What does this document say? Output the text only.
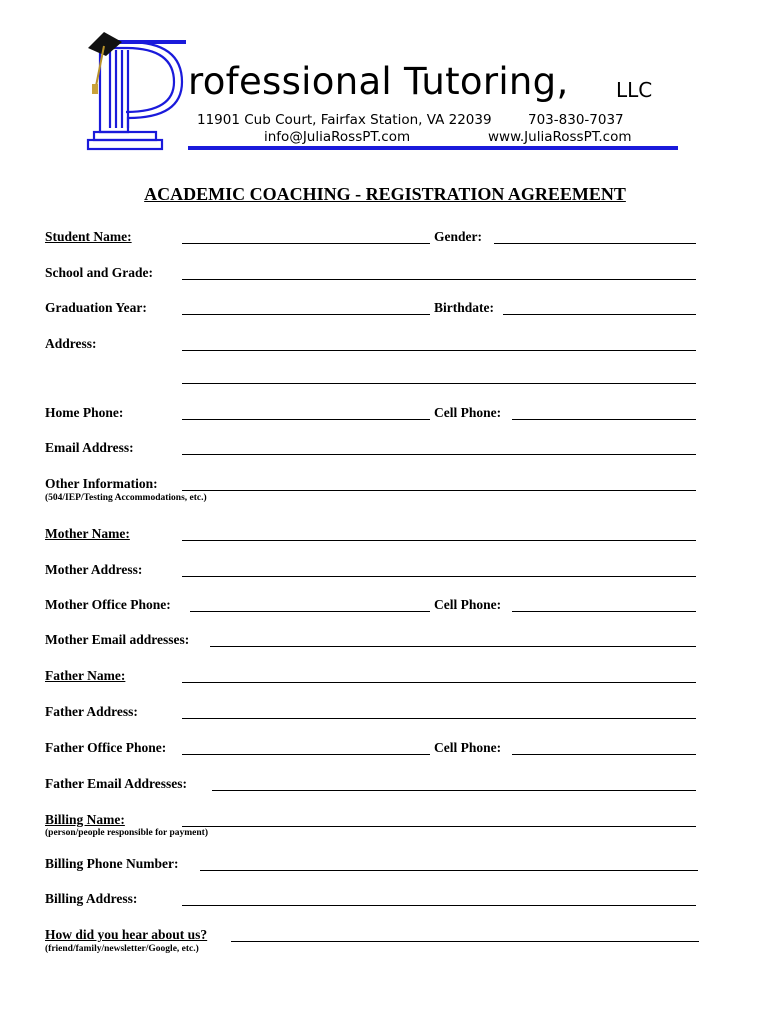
rofessional Tutoring, LLC
11901 Cub Court, Fairfax Station, VA 22039	703-830-7037
info@JuliaRossPT.com	www.JuliaRossPT.com
ACADEMIC COACHING - REGISTRATION AGREEMENT
Student Name:	Gender:
School and Grade:
Graduation Year:	Birthdate:
Address:
Home Phone:	Cell Phone:
Email Address:
Other Information:
(504/IEP/Testing Accommodations, etc.)
Mother Name:
Mother Address:
Mother Office Phone:	Cell Phone:
Mother Email addresses:
Father Name:
Father Address:
Father Office Phone:	Cell Phone:
Father Email Addresses:
Billing Name:
(person/people responsible for payment)
Billing Phone Number:
Billing Address:
How did you hear about us?
(friend/family/newsletter/Google, etc.)
